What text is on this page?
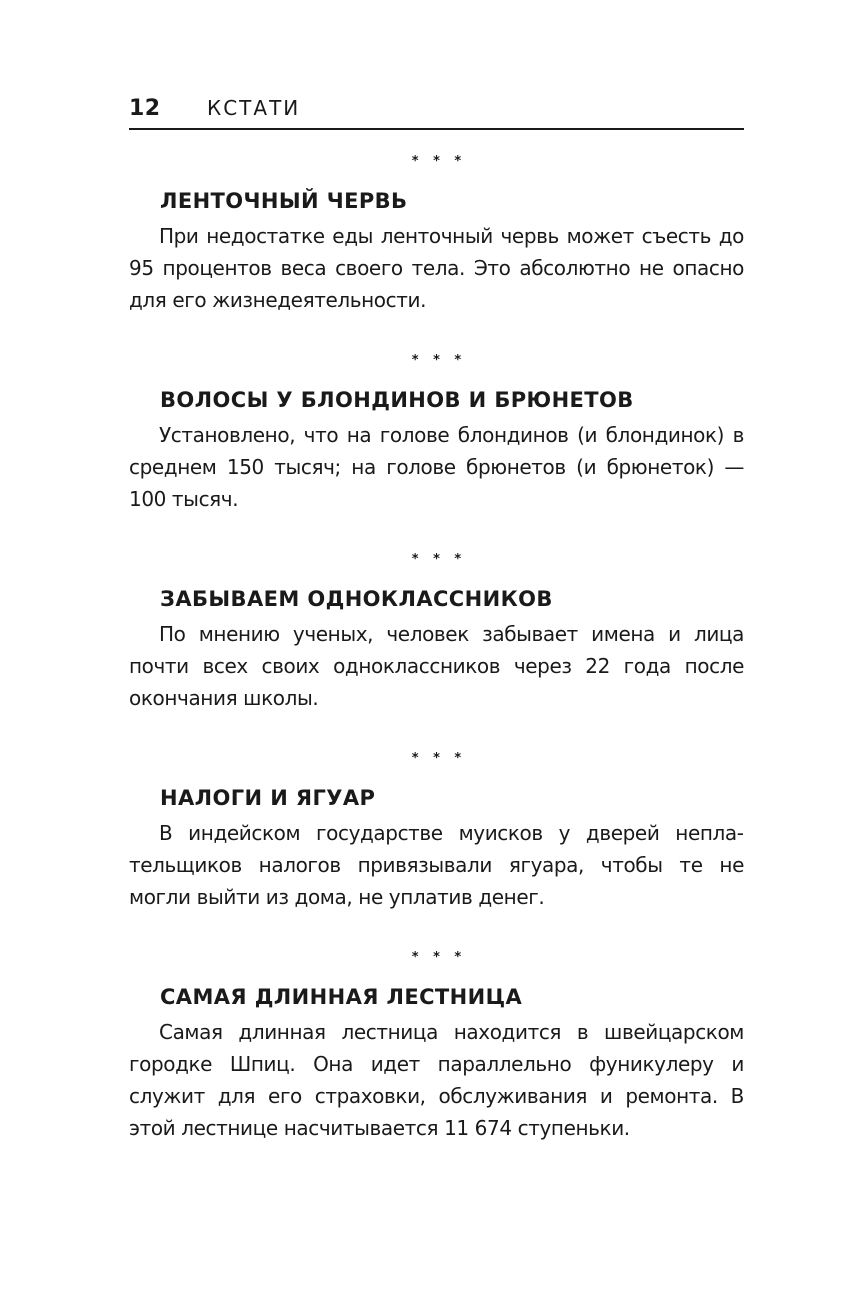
12 КСТАТИ
* * *
ЛЕНТОЧНЫЙ ЧЕРВЬ

При недостатке еды ленточный червь может съесть до 95 процентов веса своего тела. Это абсолютно не опасно для его жизнедеятельности.

* * *
ВОЛОСЫ У БЛОНДИНОВ И БРЮНЕТОВ

Установлено, что на голове блондинов (и блондинок) в среднем 150 тысяч; на голове брюнетов (и брюнеток) — 100 тысяч.

* * *
ЗАБЫВАЕМ ОДНОКЛАССНИКОВ

По мнению ученых, человек забывает имена и лица почти всех своих одноклассников через 22 года после окончания школы.

* * *
НАЛОГИ И ЯГУАР

В индейском государстве муисков у дверей неплательщиков налогов привязывали ягуара, чтобы те не могли выйти из дома, не уплатив денег.

* * *
САМАЯ ДЛИННАЯ ЛЕСТНИЦА

Самая длинная лестница находится в швейцарском городке Шпиц. Она идет параллельно фуникулеру и служит для его страховки, обслуживания и ремонта. В этой лестнице насчитывается 11 674 ступеньки.
